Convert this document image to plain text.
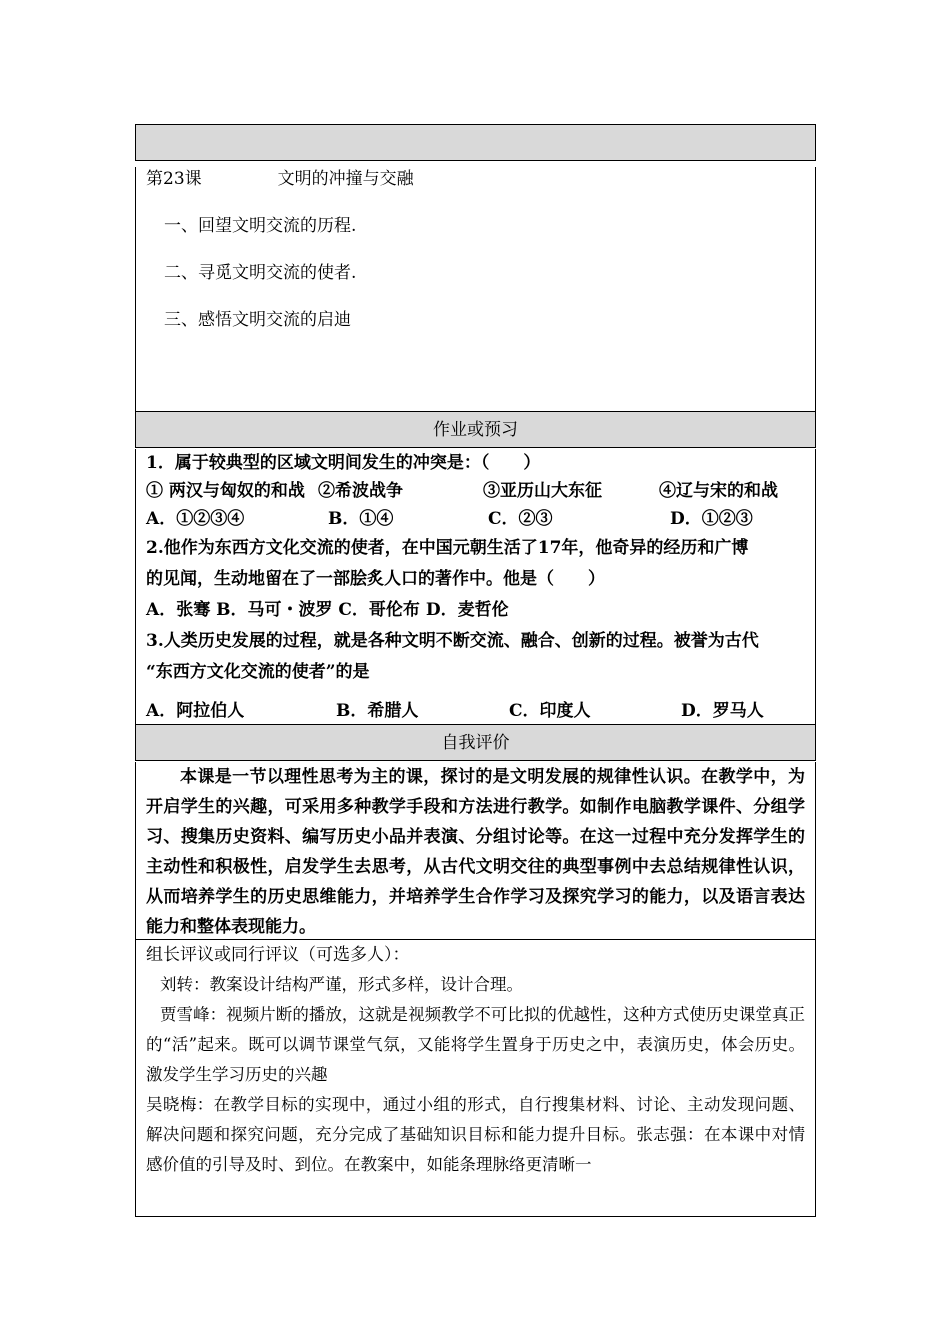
第23课	文明的冲撞与交融
一、回望文明交流的历程.
二、寻觅文明交流的使者.
三、感悟文明交流的启迪
作业或预习
1．属于较典型的区域文明间发生的冲突是：（　　）
① 两汉与匈奴的和战 ②希波战争	③亚历山大东征	④辽与宋的和战
A．①②③④	B．①④	C．②③	D．①②③
2.他作为东西方文化交流的使者，在中国元朝生活了17年，他奇异的经历和广博
的见闻，生动地留在了一部脍炙人口的著作中。他是（　　）
A．张骞 B．马可・波罗 C．哥伦布 D．麦哲伦
3.人类历史发展的过程，就是各种文明不断交流、融合、创新的过程。被誉为古代
“东西方文化交流的使者”的是
A．阿拉伯人	B．希腊人	C．印度人	D．罗马人
自我评价

本课是一节以理性思考为主的课，探讨的是文明发展的规律性认识。在教学中，为开启学生的兴趣，可采用多种教学手段和方法进行教学。如制作电脑教学课件、分组学习、搜集历史资料、编写历史小品并表演、分组讨论等。在这一过程中充分发挥学生的主动性和积极性，启发学生去思考，从古代文明交往的典型事例中去总结规律性认识，从而培养学生的历史思维能力，并培养学生合作学习及探究学习的能力，以及语言表达能力和整体表现能力。

组长评议或同行评议（可选多人）：
刘转：教案设计结构严谨，形式多样，设计合理。
贾雪峰：视频片断的播放，这就是视频教学不可比拟的优越性，这种方式使历史课堂真正的“活”起来。既可以调节课堂气氛，又能将学生置身于历史之中，表演历史，体会历史。激发学生学习历史的兴趣
吴晓梅：在教学目标的实现中，通过小组的形式，自行搜集材料、讨论、主动发现问题、解决问题和探究问题，充分完成了基础知识目标和能力提升目标。张志强：在本课中对情感价值的引导及时、到位。在教案中，如能条理脉络更清晰一
